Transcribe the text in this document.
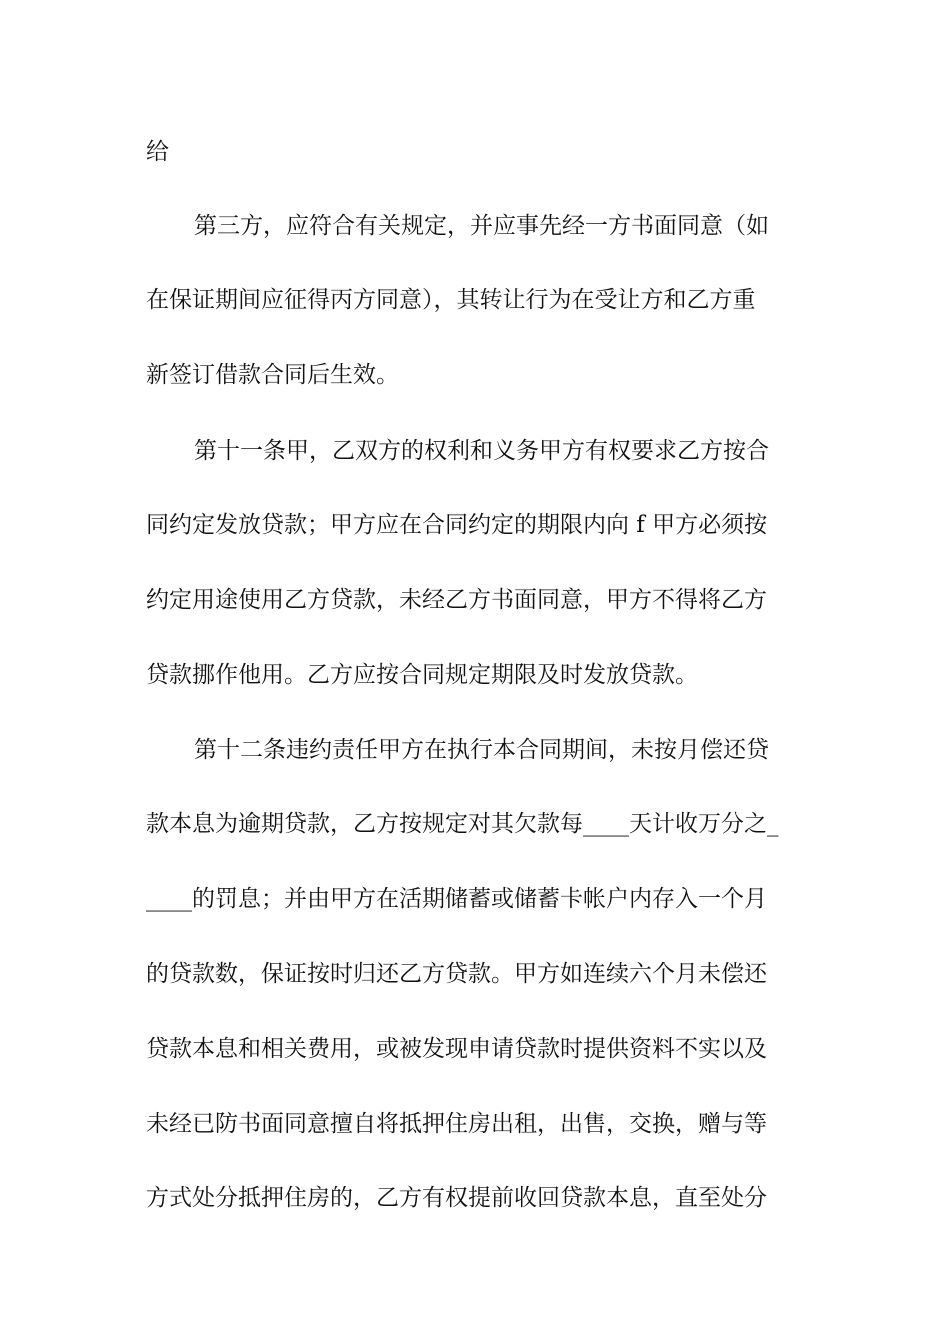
给
第三方，应符合有关规定，并应事先经一方书面同意（如
在保证期间应征得丙方同意），其转让行为在受让方和乙方重
新签订借款合同后生效。
第十一条甲，乙双方的权利和义务甲方有权要求乙方按合
同约定发放贷款；甲方应在合同约定的期限内向 f 甲方必须按
约定用途使用乙方贷款，未经乙方书面同意，甲方不得将乙方
贷款挪作他用。乙方应按合同规定期限及时发放贷款。
第十二条违约责任甲方在执行本合同期间，未按月偿还贷
款本息为逾期贷款，乙方按规定对其欠款每____天计收万分之_
____的罚息；并由甲方在活期储蓄或储蓄卡帐户内存入一个月
的贷款数，保证按时归还乙方贷款。甲方如连续六个月未偿还
贷款本息和相关费用，或被发现申请贷款时提供资料不实以及
未经已防书面同意擅自将抵押住房出租，出售，交换，赠与等
方式处分抵押住房的，乙方有权提前收回贷款本息，直至处分
